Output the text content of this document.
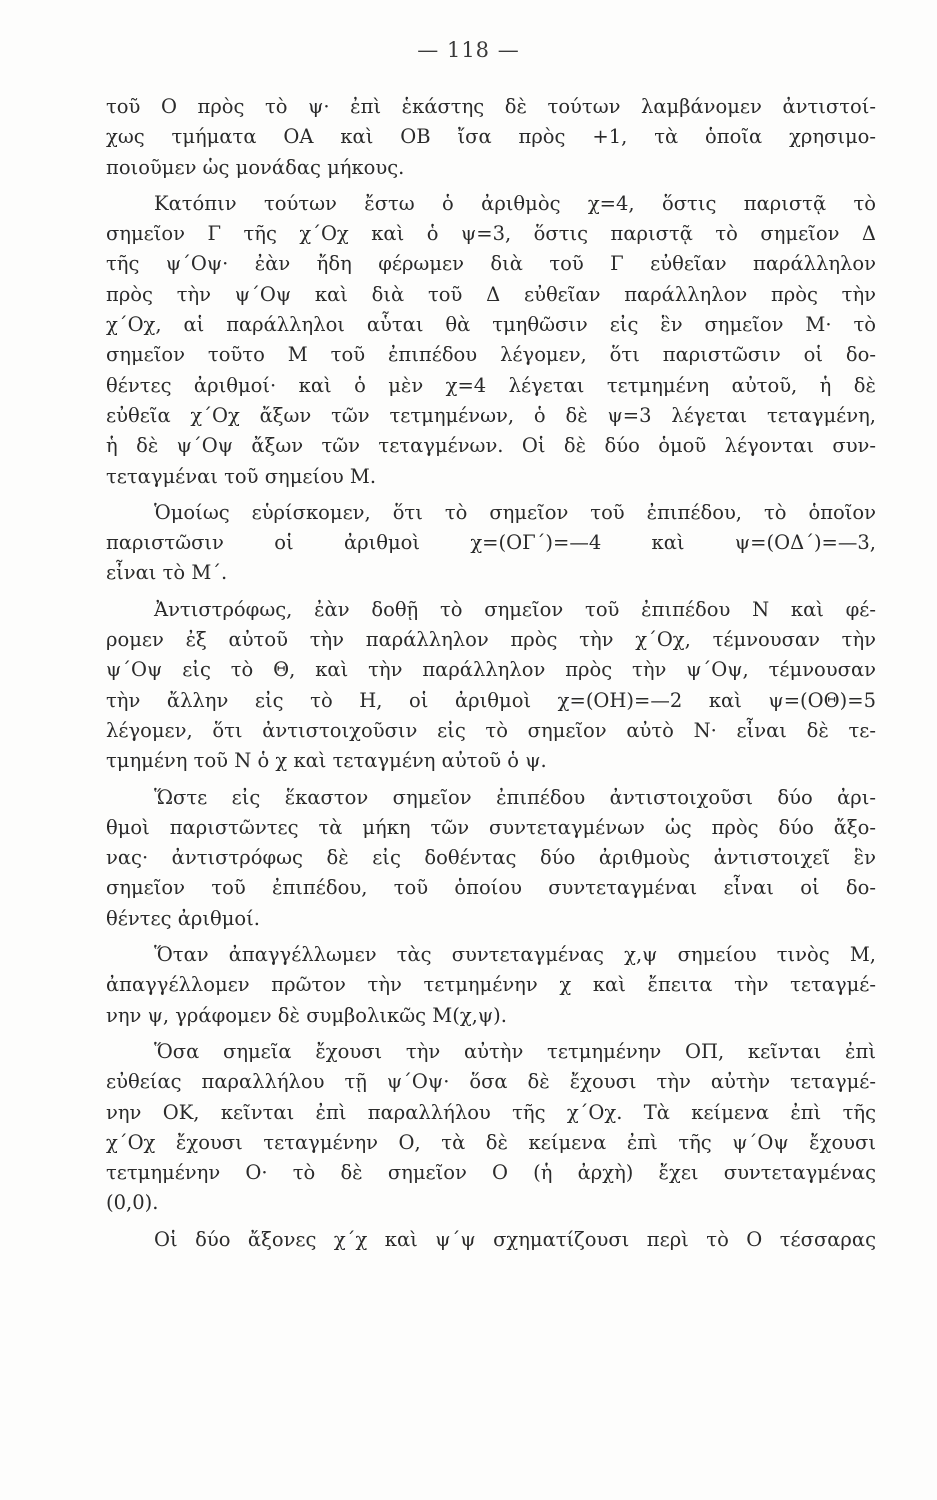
— 118 —
τοῦ Ο πρὸς τὸ ψ· ἐπὶ ἑκάστης δὲ τούτων λαμβάνομεν ἀντιστοί-
χως τμήματα ΟΑ καὶ ΟΒ ἴσα πρὸς +1, τὰ ὁποῖα χρησιμο-
ποιοῦμεν ὡς μονάδας μήκους.
Κατόπιν τούτων ἔστω ὁ ἀριθμὸς χ=4, ὅστις παριστᾷ τὸ
σημεῖον Γ τῆς χ΄Οχ καὶ ὁ ψ=3, ὅστις παριστᾷ τὸ σημεῖον Δ
τῆς ψ΄Οψ· ἐὰν ἤδη φέρωμεν διὰ τοῦ Γ εὐθεῖαν παράλληλον
πρὸς τὴν ψ΄Οψ καὶ διὰ τοῦ Δ εὐθεῖαν παράλληλον πρὸς τὴν
χ΄Οχ, αἱ παράλληλοι αὗται θὰ τμηθῶσιν εἰς ἓν σημεῖον Μ· τὸ
σημεῖον τοῦτο Μ τοῦ ἐπιπέδου λέγομεν, ὅτι παριστῶσιν οἱ δο-
θέντες ἀριθμοί· καὶ ὁ μὲν χ=4 λέγεται τετμημένη αὐτοῦ, ἡ δὲ
εὐθεῖα χ΄Οχ ἄξων τῶν τετμημένων, ὁ δὲ ψ=3 λέγεται τεταγμένη,
ἡ δὲ ψ΄Οψ ἄξων τῶν τεταγμένων. Οἱ δὲ δύο ὁμοῦ λέγονται συν-
τεταγμέναι τοῦ σημείου Μ.
Ὁμοίως εὑρίσκομεν, ὅτι τὸ σημεῖον τοῦ ἐπιπέδου, τὸ ὁποῖον
παριστῶσιν οἱ ἀριθμοὶ χ=(ΟΓ΄)=—4 καὶ ψ=(ΟΔ΄)=—3,
εἶναι τὸ Μ΄.
Ἀντιστρόφως, ἐὰν δοθῇ τὸ σημεῖον τοῦ ἐπιπέδου Ν καὶ φέ-
ρομεν ἐξ αὐτοῦ τὴν παράλληλον πρὸς τὴν χ΄Οχ, τέμνουσαν τὴν
ψ΄Οψ εἰς τὸ Θ, καὶ τὴν παράλληλον πρὸς τὴν ψ΄Οψ, τέμνουσαν
τὴν ἄλλην εἰς τὸ Η, οἱ ἀριθμοὶ χ=(ΟΗ)=—2 καὶ ψ=(ΟΘ)=5
λέγομεν, ὅτι ἀντιστοιχοῦσιν εἰς τὸ σημεῖον αὐτὸ Ν· εἶναι δὲ τε-
τμημένη τοῦ Ν ὁ χ καὶ τεταγμένη αὐτοῦ ὁ ψ.
Ὥστε εἰς ἕκαστον σημεῖον ἐπιπέδου ἀντιστοιχοῦσι δύο ἀρι-
θμοὶ παριστῶντες τὰ μήκη τῶν συντεταγμένων ὡς πρὸς δύο ἄξο-
νας· ἀντιστρόφως δὲ εἰς δοθέντας δύο ἀριθμοὺς ἀντιστοιχεῖ ἓν
σημεῖον τοῦ ἐπιπέδου, τοῦ ὁποίου συντεταγμέναι εἶναι οἱ δο-
θέντες ἀριθμοί.
Ὅταν ἀπαγγέλλωμεν τὰς συντεταγμένας χ,ψ σημείου τινὸς Μ,
ἀπαγγέλλομεν πρῶτον τὴν τετμημένην χ καὶ ἔπειτα τὴν τεταγμέ-
νην ψ, γράφομεν δὲ συμβολικῶς Μ(χ,ψ).
Ὅσα σημεῖα ἔχουσι τὴν αὐτὴν τετμημένην ΟΠ, κεῖνται ἐπὶ
εὐθείας παραλλήλου τῇ ψ΄Οψ· ὅσα δὲ ἔχουσι τὴν αὐτὴν τεταγμέ-
νην ΟΚ, κεῖνται ἐπὶ παραλλήλου τῆς χ΄Οχ. Τὰ κείμενα ἐπὶ τῆς
χ΄Οχ ἔχουσι τεταγμένην Ο, τὰ δὲ κείμενα ἐπὶ τῆς ψ΄Οψ ἔχουσι
τετμημένην Ο· τὸ δὲ σημεῖον Ο (ἡ ἀρχὴ) ἔχει συντεταγμένας
(0,0).
Οἱ δύο ἄξονες χ΄χ καὶ ψ΄ψ σχηματίζουσι περὶ τὸ Ο τέσσαρας
